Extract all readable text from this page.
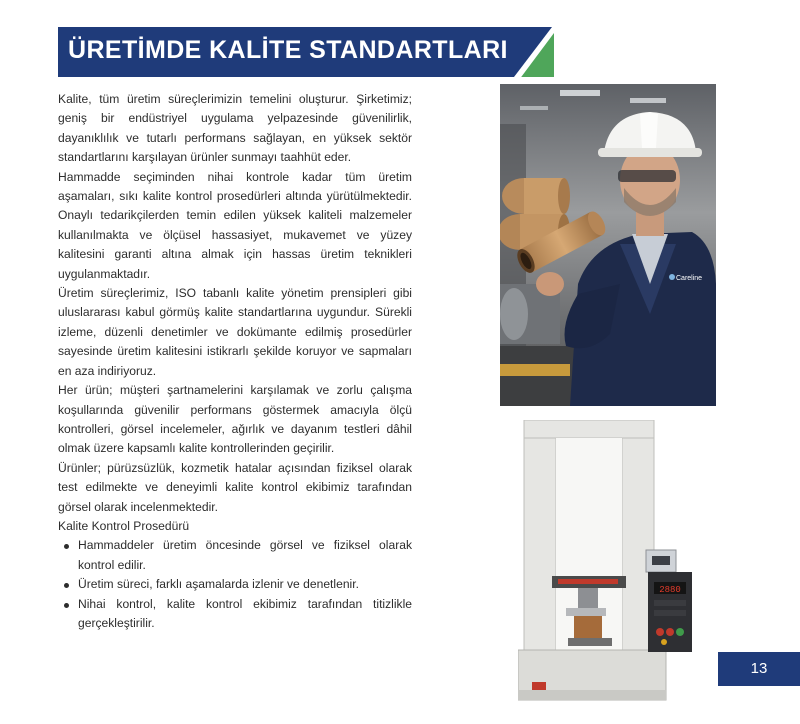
ÜRETİMDE KALİTE STANDARTLARI

Kalite, tüm üretim süreçlerimizin temelini oluşturur. Şirketimiz; geniş bir endüstriyel uygulama yelpazesinde güvenilirlik, dayanıklılık ve tutarlı performans sağlayan, en yüksek sektör standartlarını karşılayan ürünler sunmayı taahhüt eder.

Hammadde seçiminden nihai kontrole kadar tüm üretim aşamaları, sıkı kalite kontrol prosedürleri altında yürütülmektedir. Onaylı tedarikçilerden temin edilen yüksek kaliteli malzemeler kullanılmakta ve ölçüsel hassasiyet, mukavemet ve yüzey kalitesini garanti altına almak için hassas üretim teknikleri uygulanmaktadır.

Üretim süreçlerimiz, ISO tabanlı kalite yönetim prensipleri gibi uluslararası kabul görmüş kalite standartlarına uygundur. Sürekli izleme, düzenli denetimler ve dokümante edilmiş prosedürler sayesinde üretim kalitesini istikrarlı şekilde koruyor ve sapmaları en aza indiriyoruz.

Her ürün; müşteri şartnamelerini karşılamak ve zorlu çalışma koşullarında güvenilir performans göstermek amacıyla ölçü kontrolleri, görsel incelemeler, ağırlık ve dayanım testleri dâhil olmak üzere kapsamlı kalite kontrollerinden geçirilir.

Ürünler; pürüzsüzlük, kozmetik hatalar açısından fiziksel olarak test edilmekte ve deneyimli kalite kontrol ekibimiz tarafından görsel olarak incelenmektedir.

Kalite Kontrol Prosedürü
Hammaddeler üretim öncesinde görsel ve fiziksel olarak kontrol edilir.
Üretim süreci, farklı aşamalarda izlenir ve denetlenir.
Nihai kontrol, kalite kontrol ekibimiz tarafından titizlikle gerçekleştirilir.
Careline
2880
13
